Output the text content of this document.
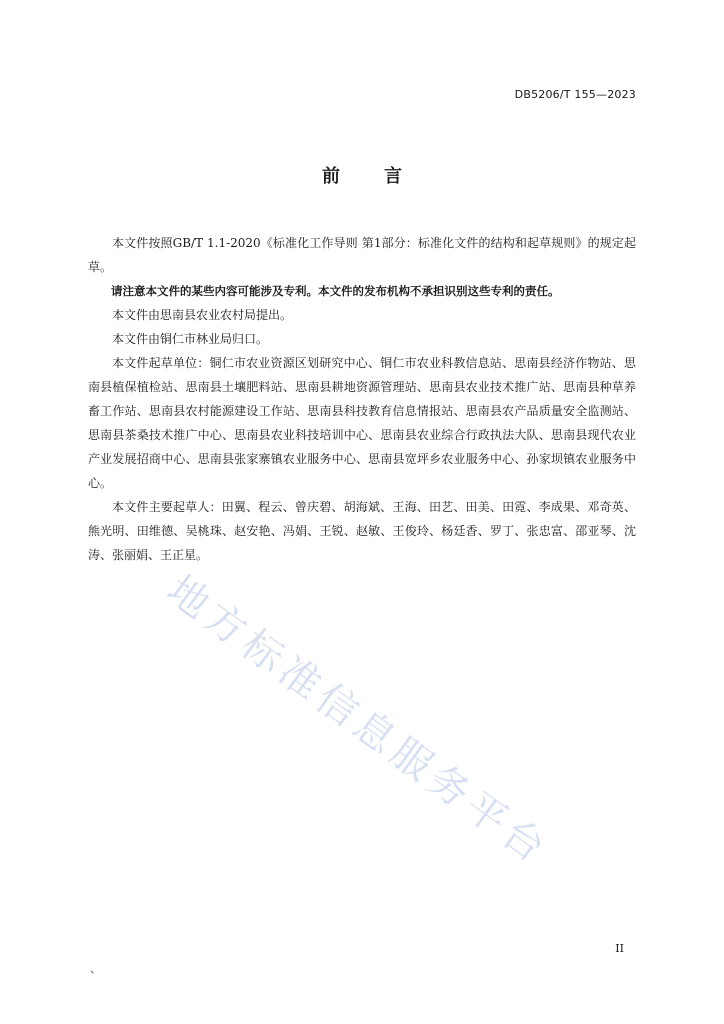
DB5206/T 155—2023
前 言

本文件按照GB/T 1.1-2020《标准化工作导则 第1部分：标准化文件的结构和起草规则》的规定起草。

请注意本文件的某些内容可能涉及专利。本文件的发布机构不承担识别这些专利的责任。

本文件由思南县农业农村局提出。

本文件由铜仁市林业局归口。

本文件起草单位：铜仁市农业资源区划研究中心、铜仁市农业科教信息站、思南县经济作物站、思南县植保植检站、思南县土壤肥料站、思南县耕地资源管理站、思南县农业技术推广站、思南县种草养畜工作站、思南县农村能源建设工作站、思南县科技教育信息情报站、思南县农产品质量安全监测站、思南县茶桑技术推广中心、思南县农业科技培训中心、思南县农业综合行政执法大队、思南县现代农业产业发展招商中心、思南县张家寨镇农业服务中心、思南县宽坪乡农业服务中心、孙家坝镇农业服务中心。

本文件主要起草人：田翼、程云、曾庆碧、胡海斌、王海、田艺、田美、田霓、李成果、邓奇英、熊光明、田维德、吴桃珠、赵安艳、冯娟、王锐、赵敏、王俊玲、杨廷香、罗丁、张忠富、邵亚琴、沈涛、张丽娟、王正星。

地方标准信息服务平台
II
、
